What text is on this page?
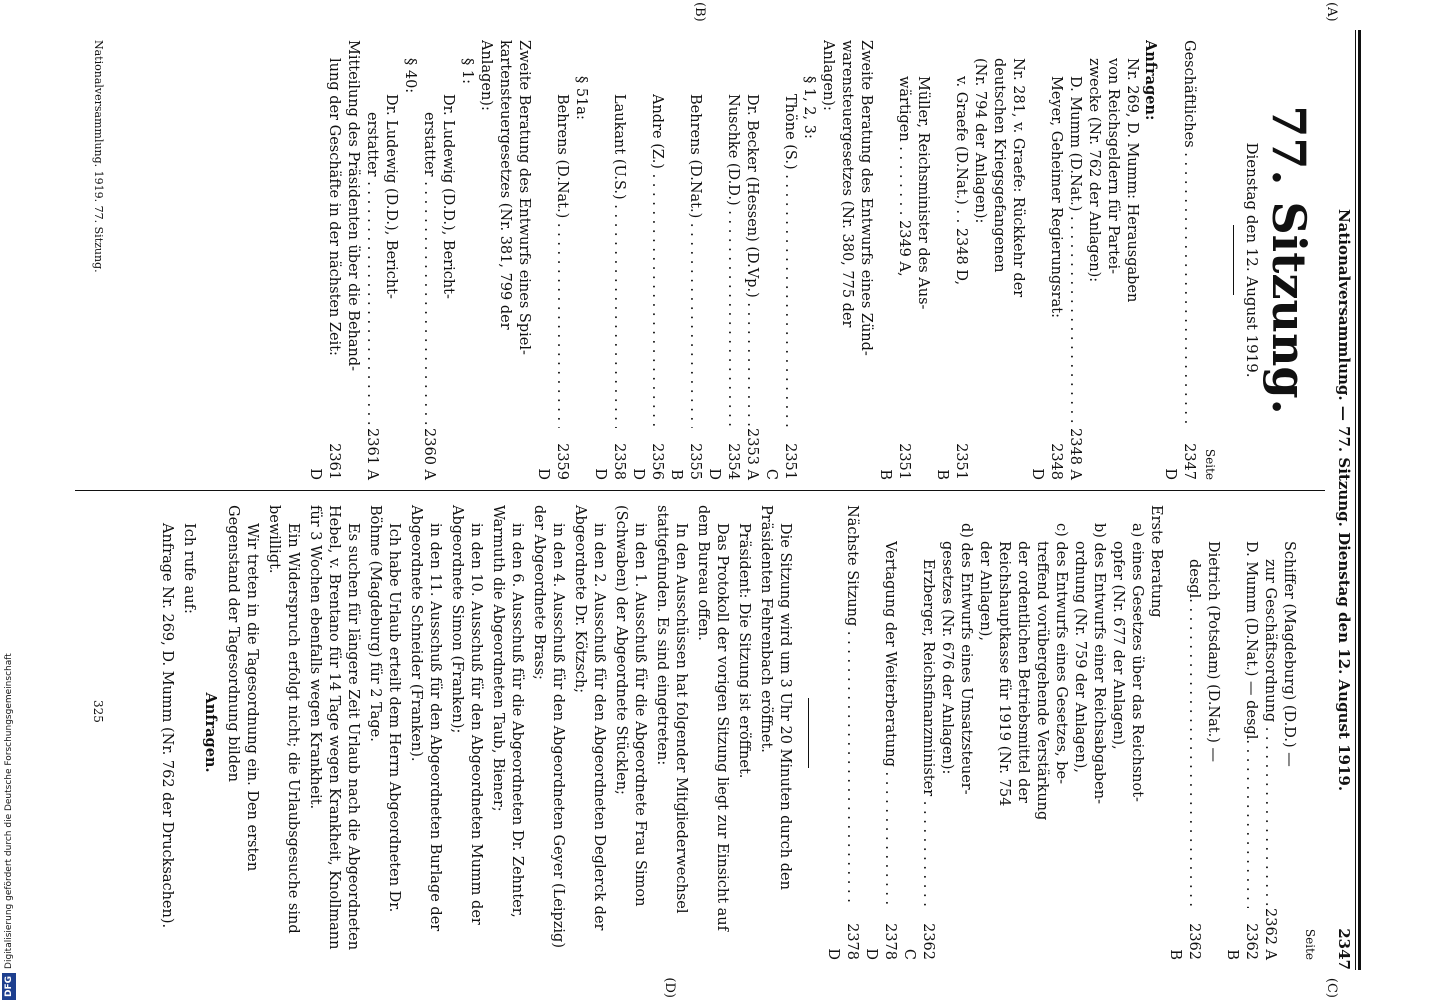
Nationalversammlung. — 77. Sitzung. Dienstag den 12. August 1919.
2347
(A)
(B)
(C)
(D)
77. Sitzung.
Dienstag den 12. August 1919.
Seite
Geschäftliches . . .
2347 D
Anfragen:
Nr. 269, D. Mumm: Herausgaben
von Reichsgeldern für Partei-
zwecke (Nr. 762 der Anlagen):
D. Mumm (D.Nat.) . . .
2348 A
Meyer, Geheimer Regierungsrat:
2348 D
Nr. 281, v. Graefe: Rückkehr der
deutschen Kriegsgefangenen
(Nr. 794 der Anlagen):
v. Graefe (D.Nat.) . . 2348 D,
2351 B
Müller, Reichsminister des Aus-
wärtigen . . . . . . . . 2349 A,
2351 B
Zweite Beratung des Entwurfs eines Zünd-
warensteuergesetzes (Nr. 380, 775 der
Anlagen):
§ 1, 2, 3:
Thöne (S.) . . .
2351 C
Dr. Becker (Hessen) (D.Vp.) . . .
2353 A
Nuschke (D.D.) . . .
2354 D
Behrens (D.Nat.) . . .
2355 B
Andre (Z.) . . .
2356 D
Laukant (U.S.) . . .
2358 D
§ 51a:
Behrens (D.Nat.) . . .
2359 D
Zweite Beratung des Entwurfs eines Spiel-
kartensteuergesetzes (Nr. 381, 799 der
Anlagen):
§ 1:
Dr. Ludewig (D.D.), Bericht-
erstatter . . .
2360 A
§ 40:
Dr. Ludewig (D.D.), Bericht-
erstatter . . .
2361 A
Mitteilung des Präsidenten über die Behand-
lung der Geschäfte in der nächsten Zeit:
2361 D
Seite
Schiffer (Magdeburg) (D.D.) —
zur Geschäftsordnung . . .
2362 A
D. Mumm (D.Nat.) — desgl. . . .
2362 B
Dietrich (Potsdam) (D.Nat.) —
desgl. . . .
2362 B
Erste Beratung
a) eines Gesetzes über das Reichsnot-
opfer (Nr. 677 der Anlagen),
b) des Entwurfs einer Reichsabgaben-
ordnung (Nr. 759 der Anlagen),
c) des Entwurfs eines Gesetzes, be-
treffend vorübergehende Verstärkung
der ordentlichen Betriebsmittel der
Reichshauptkasse für 1919 (Nr. 754
der Anlagen),
d) des Entwurfs eines Umsatzsteuer-
gesetzes (Nr. 676 der Anlagen):
Erzberger, Reichsfinanzminister . . .
2362 C
Vertagung der Weiterberatung . . .
2378 D
Nächste Sitzung . . .
2378 D

Die Sitzung wird um 3 Uhr 20 Minuten durch den Präsidenten Fehrenbach eröffnet.

Präsident: Die Sitzung ist eröffnet.

Das Protokoll der vorigen Sitzung liegt zur Einsicht auf dem Bureau offen.

In den Ausschüssen hat folgender Mitgliederwechsel stattgefunden. Es sind eingetreten:

in den 1. Ausschuß für die Abgeordnete Frau Simon (Schwaben) der Abgeordnete Stücklen;

in den 2. Ausschuß für den Abgeordneten Deglerck der Abgeordnete Dr. Kötzsch;

in den 4. Ausschuß für den Abgeordneten Geyer (Leipzig) der Abgeordnete Brass;

in den 6. Ausschuß für die Abgeordneten Dr. Zehnter, Warmuth die Abgeordneten Taub, Biener;

in den 10. Ausschuß für den Abgeordneten Mumm der Abgeordnete Simon (Franken);

in den 11. Ausschuß für den Abgeordneten Burlage der Abgeordnete Schneider (Franken).

Ich habe Urlaub erteilt dem Herrn Abgeordneten Dr. Böhme (Magdeburg) für 2 Tage.

Es suchen für längere Zeit Urlaub nach die Abgeordneten Hebel, v. Brentano für 14 Tage wegen Krankheit, Knollmann für 3 Wochen ebenfalls wegen Krankheit.

Ein Widerspruch erfolgt nicht; die Urlaubsgesuche sind bewilligt.

Wir treten in die Tagesordnung ein. Den ersten Gegenstand der Tagesordnung bilden

Anfragen.

Ich rufe auf:

Anfrage Nr. 269, D. Mumm (Nr. 762 der Drucksachen).

Nationalversammlung. 1919. 77. Sitzung.
325
DFGDigitalisierung gefördert durch die Deutsche Forschungsgemeinschaft
